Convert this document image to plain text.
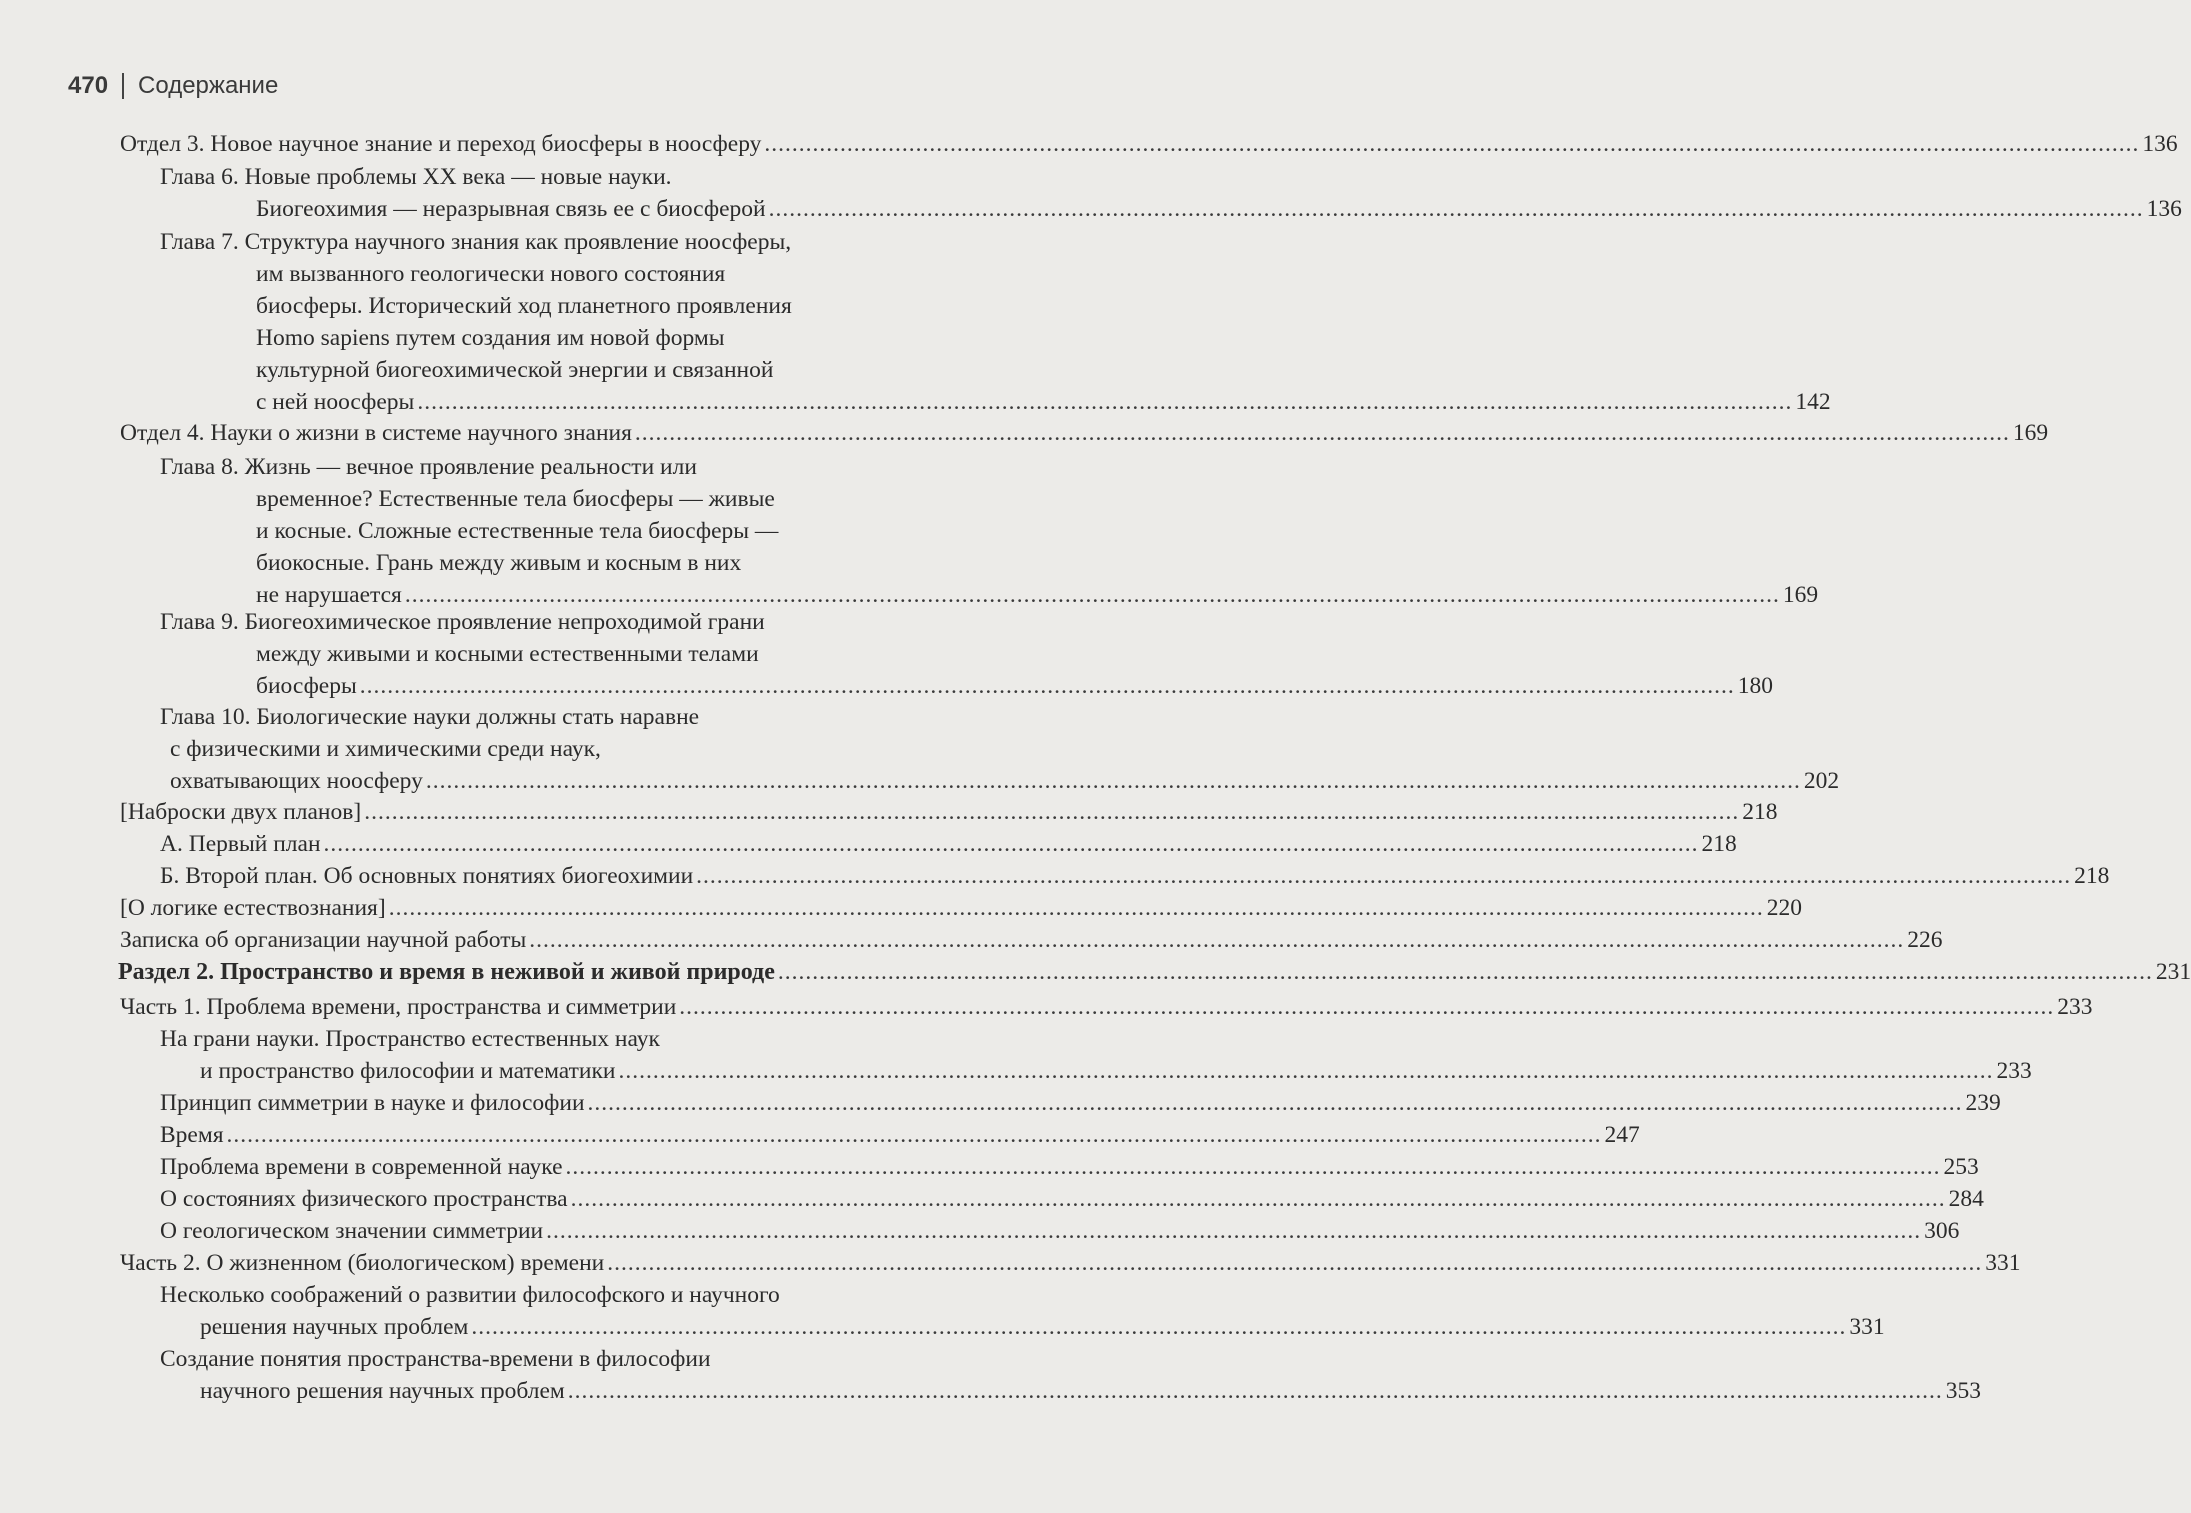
470 Содержание
Отдел 3. Новое научное знание и переход биосферы в ноосферу ........................................................................................................................................................................................................ 136
Глава 6. Новые проблемы XX века — новые науки.
Биогеохимия — неразрывная связь ее с биосферой ........................................................................................................................................................................................................ 136
Глава 7. Структура научного знания как проявление ноосферы,
им вызванного геологически нового состояния
биосферы. Исторический ход планетного проявления
Homo sapiens путем создания им новой формы
культурной биогеохимической энергии и связанной
с ней ноосферы ........................................................................................................................................................................................................ 142
Отдел 4. Науки о жизни в системе научного знания ........................................................................................................................................................................................................ 169
Глава 8. Жизнь — вечное проявление реальности или
временное? Естественные тела биосферы — живые
и косные. Сложные естественные тела биосферы —
биокосные. Грань между живым и косным в них
не нарушается ........................................................................................................................................................................................................ 169
Глава 9. Биогеохимическое проявление непроходимой грани
между живыми и косными естественными телами
биосферы ........................................................................................................................................................................................................ 180
Глава 10. Биологические науки должны стать наравне
с физическими и химическими среди наук,
охватывающих ноосферу ........................................................................................................................................................................................................ 202
[Наброски двух планов] ........................................................................................................................................................................................................ 218
А. Первый план ........................................................................................................................................................................................................ 218
Б. Второй план. Об основных понятиях биогеохимии ........................................................................................................................................................................................................ 218
[О логике естествознания] ........................................................................................................................................................................................................ 220
Записка об организации научной работы ........................................................................................................................................................................................................ 226
Раздел 2. Пространство и время в неживой и живой природе ........................................................................................................................................................................................................ 231
Часть 1. Проблема времени, пространства и симметрии ........................................................................................................................................................................................................ 233
На грани науки. Пространство естественных наук
и пространство философии и математики ........................................................................................................................................................................................................ 233
Принцип симметрии в науке и философии ........................................................................................................................................................................................................ 239
Время ........................................................................................................................................................................................................ 247
Проблема времени в современной науке ........................................................................................................................................................................................................ 253
О состояниях физического пространства ........................................................................................................................................................................................................ 284
О геологическом значении симметрии ........................................................................................................................................................................................................ 306
Часть 2. О жизненном (биологическом) времени ........................................................................................................................................................................................................ 331
Несколько соображений о развитии философского и научного
решения научных проблем ........................................................................................................................................................................................................ 331
Создание понятия пространства-времени в философии
научного решения научных проблем ........................................................................................................................................................................................................ 353
